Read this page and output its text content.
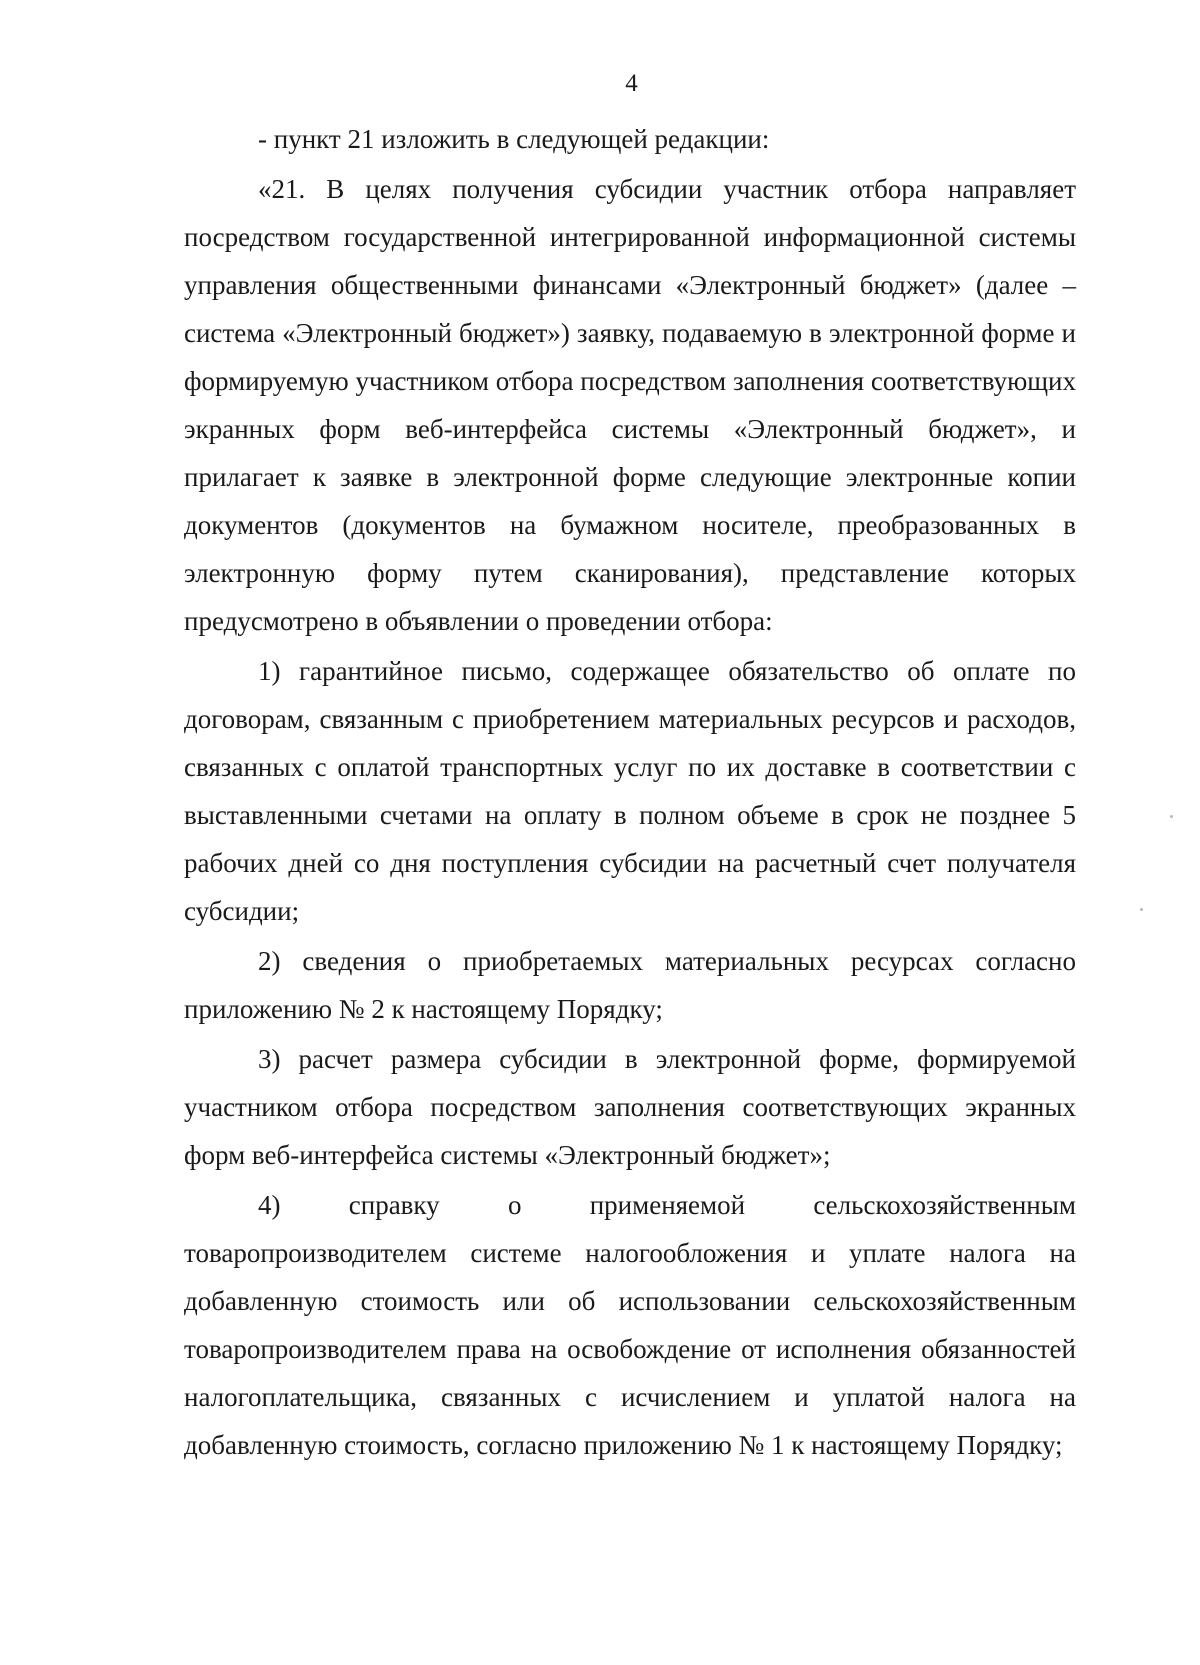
4

- пункт 21 изложить в следующей редакции:

«21. В целях получения субсидии участник отбора направляет посредством государственной интегрированной информационной системы управления общественными финансами «Электронный бюджет» (далее – система «Электронный бюджет») заявку, подаваемую в электронной форме и формируемую участником отбора посредством заполнения соответствующих экранных форм веб-интерфейса системы «Электронный бюджет», и прилагает к заявке в электронной форме следующие электронные копии документов (документов на бумажном носителе, преобразованных в электронную форму путем сканирования), представление которых предусмотрено в объявлении о проведении отбора:

1) гарантийное письмо, содержащее обязательство об оплате по договорам, связанным с приобретением материальных ресурсов и расходов, связанных с оплатой транспортных услуг по их доставке в соответствии с выставленными счетами на оплату в полном объеме в срок не позднее 5 рабочих дней со дня поступления субсидии на расчетный счет получателя субсидии;

2) сведения о приобретаемых материальных ресурсах согласно приложению № 2 к настоящему Порядку;

3) расчет размера субсидии в электронной форме, формируемой участником отбора посредством заполнения соответствующих экранных форм веб-интерфейса системы «Электронный бюджет»;

4) справку о применяемой сельскохозяйственным товаропроизводителем системе налогообложения и уплате налога на добавленную стоимость или об использовании сельскохозяйственным товаропроизводителем права на освобождение от исполнения обязанностей налогоплательщика, связанных с исчислением и уплатой налога на добавленную стоимость, согласно приложению № 1 к настоящему Порядку;
